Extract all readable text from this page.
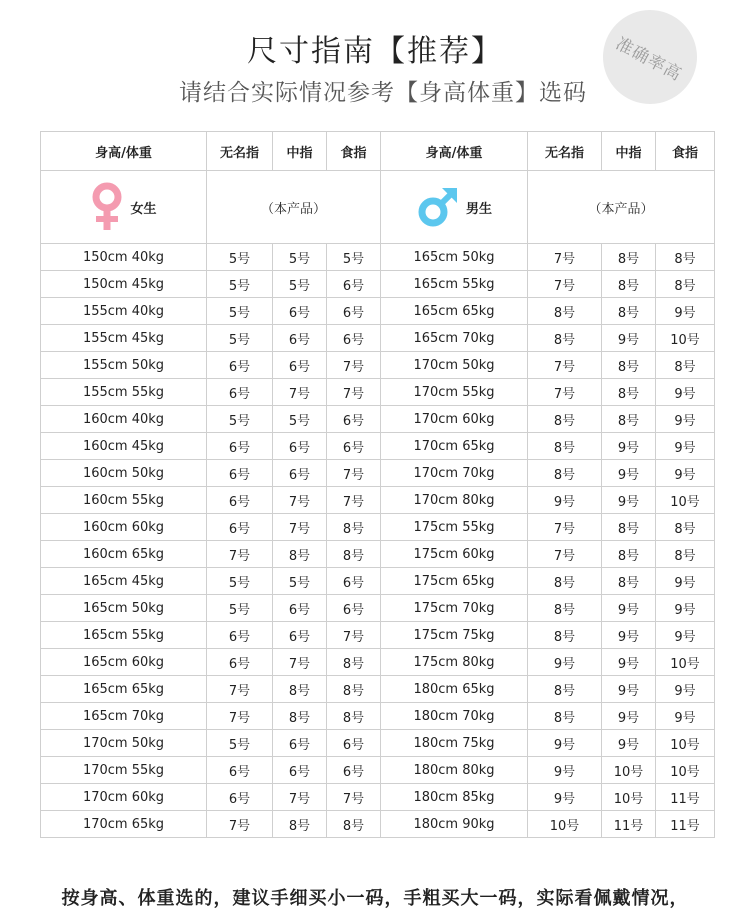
尺寸指南【推荐】
请结合实际情况参考【身高体重】选码
准确率高
身高/体重	无名指	中指	食指	身高/体重	无名指	中指	食指

女生	（本产品）			男生	（本产品）		
150cm 40kg	5号	5号	5号	165cm 50kg	7号	8号	8号
150cm 45kg	5号	5号	6号	165cm 55kg	7号	8号	8号
155cm 40kg	5号	6号	6号	165cm 65kg	8号	8号	9号
155cm 45kg	5号	6号	6号	165cm 70kg	8号	9号	10号
155cm 50kg	6号	6号	7号	170cm 50kg	7号	8号	8号
155cm 55kg	6号	7号	7号	170cm 55kg	7号	8号	9号
160cm 40kg	5号	5号	6号	170cm 60kg	8号	8号	9号
160cm 45kg	6号	6号	6号	170cm 65kg	8号	9号	9号
160cm 50kg	6号	6号	7号	170cm 70kg	8号	9号	9号
160cm 55kg	6号	7号	7号	170cm 80kg	9号	9号	10号
160cm 60kg	6号	7号	8号	175cm 55kg	7号	8号	8号
160cm 65kg	7号	8号	8号	175cm 60kg	7号	8号	8号
165cm 45kg	5号	5号	6号	175cm 65kg	8号	8号	9号
165cm 50kg	5号	6号	6号	175cm 70kg	8号	9号	9号
165cm 55kg	6号	6号	7号	175cm 75kg	8号	9号	9号
165cm 60kg	6号	7号	8号	175cm 80kg	9号	9号	10号
165cm 65kg	7号	8号	8号	180cm 65kg	8号	9号	9号
165cm 70kg	7号	8号	8号	180cm 70kg	8号	9号	9号
170cm 50kg	5号	6号	6号	180cm 75kg	9号	9号	10号
170cm 55kg	6号	6号	6号	180cm 80kg	9号	10号	10号
170cm 60kg	6号	7号	7号	180cm 85kg	9号	10号	11号
170cm 65kg	7号	8号	8号	180cm 90kg	10号	11号	11号
按身高、体重选的，建议手细买小一码，手粗买大一码，实际看佩戴情况，
